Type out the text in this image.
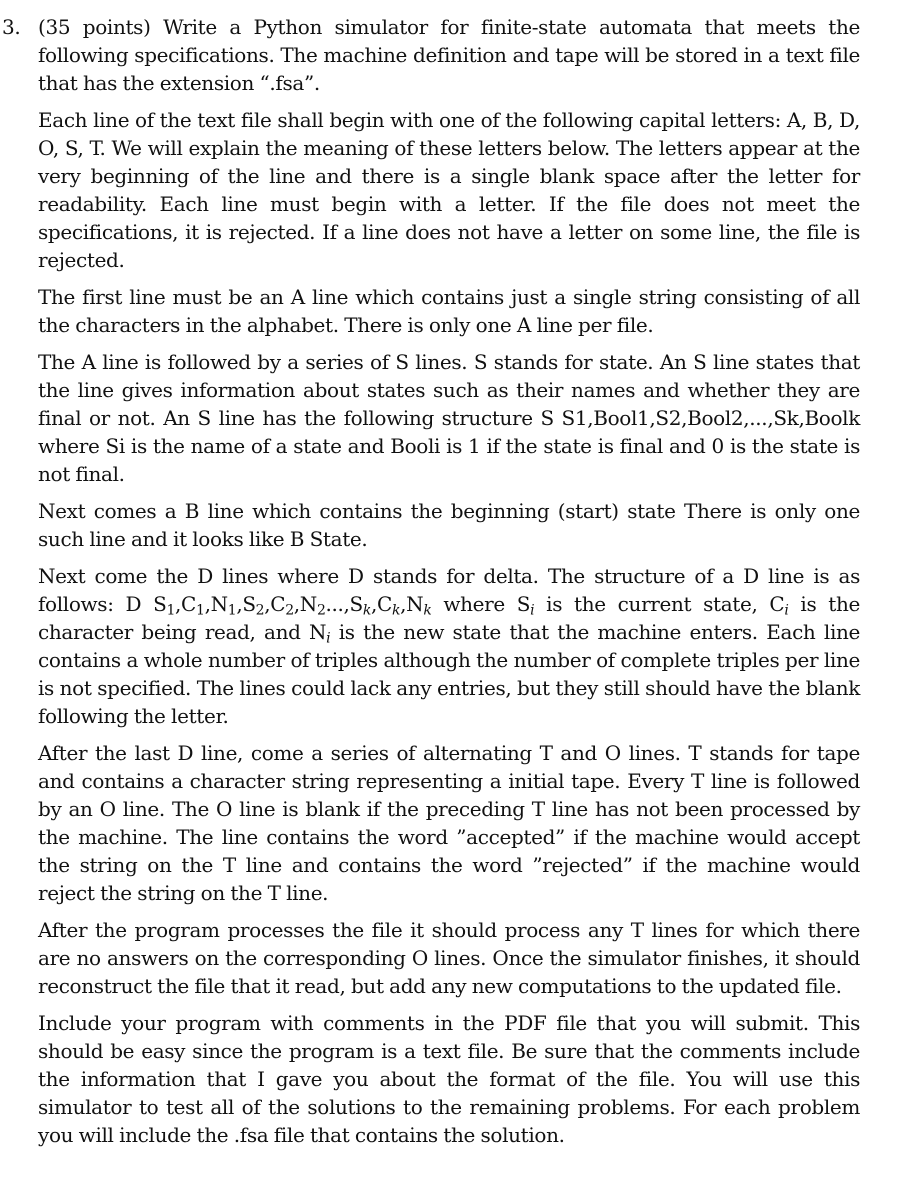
3. (35 points) Write a Python simulator for finite-state automata that meets the following specifications. The machine definition and tape will be stored in a text file that has the extension “.fsa”.

Each line of the text file shall begin with one of the following capital letters: A, B, D, O, S, T. We will explain the meaning of these letters below. The letters appear at the very beginning of the line and there is a single blank space after the letter for readability. Each line must begin with a letter. If the file does not meet the specifications, it is rejected. If a line does not have a letter on some line, the file is rejected.

The first line must be an A line which contains just a single string consisting of all the characters in the alphabet. There is only one A line per file.

The A line is followed by a series of S lines. S stands for state. An S line states that the line gives information about states such as their names and whether they are final or not. An S line has the following structure S S1,Bool1,S2,Bool2,...,Sk,Boolk where Si is the name of a state and Booli is 1 if the state is final and 0 is the state is not final.

Next comes a B line which contains the beginning (start) state There is only one such line and it looks like B State.

Next come the D lines where D stands for delta. The structure of a D line is as follows: D $S_1,C_1,N_1,S_2,C_2,N_2...,S_k,C_k,N_k$ where $S_i$ is the current state, $C_i$ is the character being read, and $N_i$ is the new state that the machine enters. Each line contains a whole number of triples although the number of complete triples per line is not specified. The lines could lack any entries, but they still should have the blank following the letter.

After the last D line, come a series of alternating T and O lines. T stands for tape and contains a character string representing a initial tape. Every T line is followed by an O line. The O line is blank if the preceding T line has not been processed by the machine. The line contains the word ”accepted” if the machine would accept the string on the T line and contains the word ”rejected” if the machine would reject the string on the T line.

After the program processes the file it should process any T lines for which there are no answers on the corresponding O lines. Once the simulator finishes, it should reconstruct the file that it read, but add any new computations to the updated file.

Include your program with comments in the PDF file that you will submit. This should be easy since the program is a text file. Be sure that the comments include the information that I gave you about the format of the file. You will use this simulator to test all of the solutions to the remaining problems. For each problem you will include the .fsa file that contains the solution.
